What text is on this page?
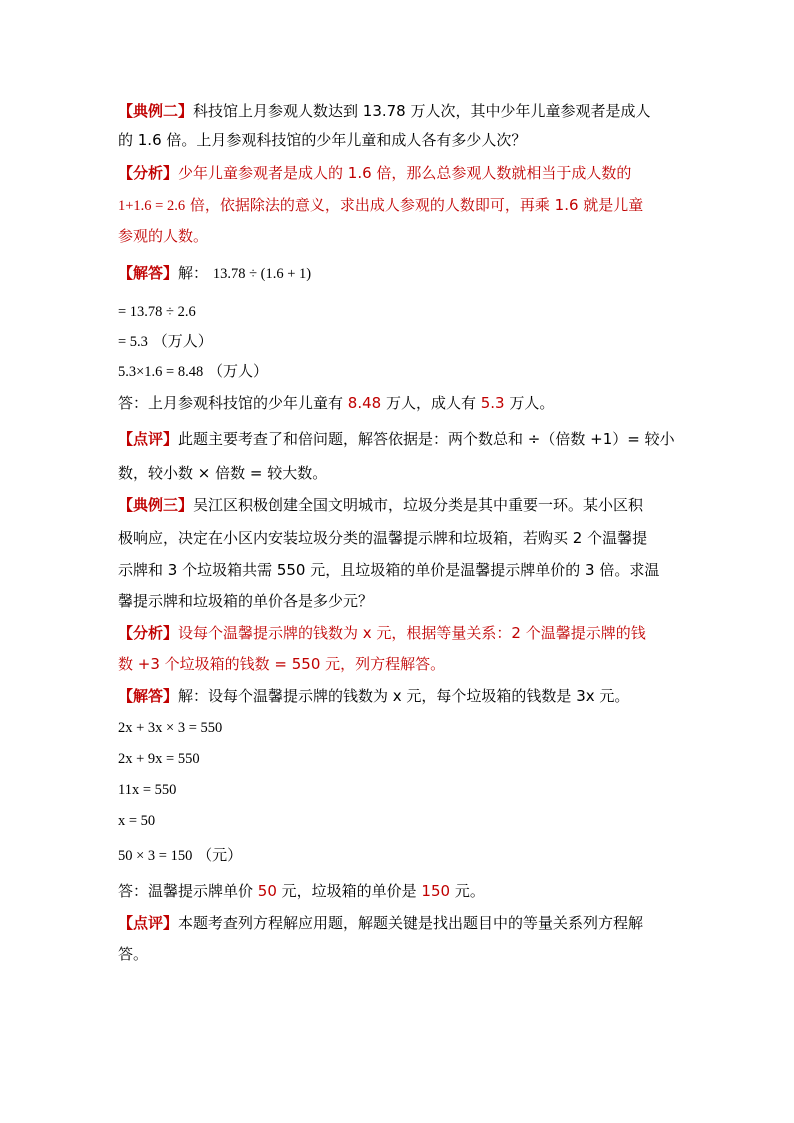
【典例二】科技馆上月参观人数达到 13.78 万人次，其中少年儿童参观者是成人
的 1.6 倍。上月参观科技馆的少年儿童和成人各有多少人次？
【分析】少年儿童参观者是成人的 1.6 倍，那么总参观人数就相当于成人数的
1+1.6 = 2.6 倍，依据除法的意义，求出成人参观的人数即可，再乘 1.6 就是儿童
参观的人数。
【解答】解： 13.78 ÷ (1.6 + 1)
= 13.78 ÷ 2.6
= 5.3 （万人）
5.3×1.6 = 8.48 （万人）
答：上月参观科技馆的少年儿童有 8.48 万人，成人有 5.3 万人。
【点评】此题主要考查了和倍问题，解答依据是：两个数总和 ÷（倍数 +1）= 较小
数，较小数 × 倍数 = 较大数。
【典例三】吴江区积极创建全国文明城市，垃圾分类是其中重要一环。某小区积
极响应，决定在小区内安装垃圾分类的温馨提示牌和垃圾箱，若购买 2 个温馨提
示牌和 3 个垃圾箱共需 550 元，且垃圾箱的单价是温馨提示牌单价的 3 倍。求温
馨提示牌和垃圾箱的单价各是多少元？
【分析】设每个温馨提示牌的钱数为 x 元，根据等量关系：2 个温馨提示牌的钱
数 +3 个垃圾箱的钱数 = 550 元，列方程解答。
【解答】解：设每个温馨提示牌的钱数为 x 元，每个垃圾箱的钱数是 3x 元。
2x + 3x × 3 = 550
2x + 9x = 550
11x = 550
x = 50
50 × 3 = 150 （元）
答：温馨提示牌单价 50 元，垃圾箱的单价是 150 元。
【点评】本题考查列方程解应用题，解题关键是找出题目中的等量关系列方程解
答。
